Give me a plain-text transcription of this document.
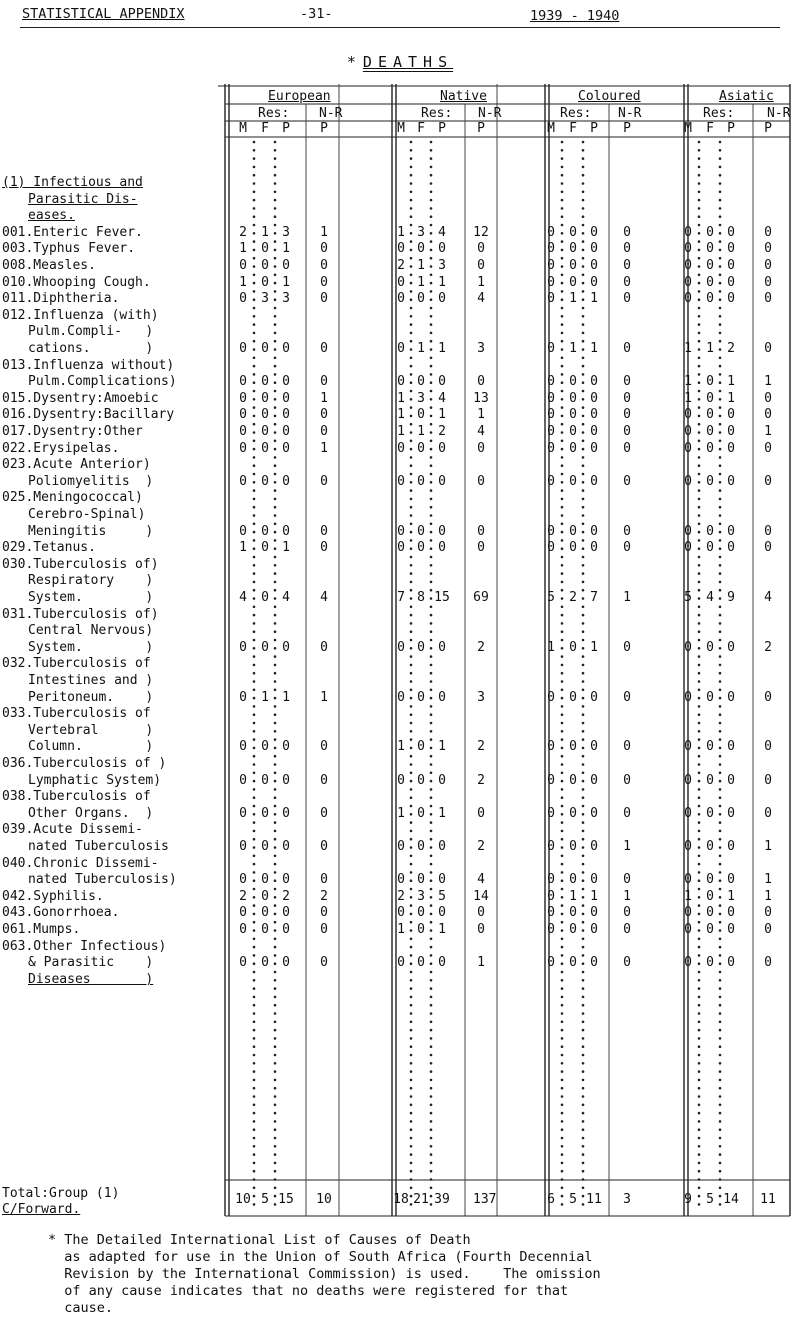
STATISTICAL APPENDIX	-31-	1939 - 1940
* DEATHS
European	Native	Coloured	Asiatic
Res: N-R	Res: N-R	Res: N-R	Res:	N-R
M	F	P	P	M F	P	P	M	F	P	P	M	F	P	P
(1) Infectious and
Parasitic Dis-
eases.
001.Enteric Fever.	2	1	3	1	1 3	4	12	0	0	0	0	0	0	0	0
003.Typhus Fever.	1	0	1	0	0 0	0	0	0	0	0	0	0	0	0	0
008.Measles.	0	0	0	0	2 1	3	0	0	0	0	0	0	0	0	0
010.Whooping Cough.	1	0	1	0	0 1	1	1	0	0	0	0	0	0	0	0
011.Diphtheria.	0	3	3	0	0 0	0	4	0	1	1	0	0	0	0	0
012.Influenza (with)
Pulm.Compli-   )
cations.       )	0	0	0	0	0 1	1	3	0	1	1	0	1	1	2	0
013.Influenza without)
Pulm.Complications)	0	0	0	0	0 0	0	0	0	0	0	0	1	0	1	1
015.Dysentry:Amoebic	0	0	0	1	1 3	4	13	0	0	0	0	1	0	1	0
016.Dysentry:Bacillary	0	0	0	0	1 0	1	1	0	0	0	0	0	0	0	0
017.Dysentry:Other	0	0	0	0	1 1	2	4	0	0	0	0	0	0	0	1
022.Erysipelas.	0	0	0	1	0 0	0	0	0	0	0	0	0	0	0	0
023.Acute Anterior)
Poliomyelitis  )	0	0	0	0	0 0	0	0	0	0	0	0	0	0	0	0
025.Meningococcal)
Cerebro-Spinal)
Meningitis     )	0	0	0	0	0 0	0	0	0	0	0	0	0	0	0	0
029.Tetanus.	1	0	1	0	0 0	0	0	0	0	0	0	0	0	0	0
030.Tuberculosis of)
Respiratory    )
System.        )	4	0	4	4	7 8 15 69	5	2	7	1	5	4	9	4
031.Tuberculosis of)
Central Nervous)
System.        )	0	0	0	0	0 0	0	2	1	0	1	0	0	0	0	2
032.Tuberculosis of
Intestines and )
Peritoneum.    )	0	1	1	1	0 0	0	3	0	0	0	0	0	0	0	0
033.Tuberculosis of
Vertebral      )
Column.        )	0	0	0	0	1 0	1	2	0	0	0	0	0	0	0	0
036.Tuberculosis of )
Lymphatic System)	0	0	0	0	0 0	0	2	0	0	0	0	0	0	0	0
038.Tuberculosis of
Other Organs.  )	0	0	0	0	1 0	1	0	0	0	0	0	0	0	0	0
039.Acute Dissemi-
nated Tuberculosis	0	0	0	0	0 0	0	2	0	0	0	1	0	0	0	1
040.Chronic Dissemi-
nated Tuberculosis)	0	0	0	0	0 0	0	4	0	0	0	0	0	0	0	1
042.Syphilis.	2	0	2	2	2 3	5	14	0	1	1	1	1	0	1	1
043.Gonorrhoea.	0	0	0	0	0 0	0	0	0	0	0	0	0	0	0	0
061.Mumps.	0	0	0	0	1 0	1	0	0	0	0	0	0	0	0	0
063.Other Infectious)
& Parasitic    )	0	0	0	0	0 0	0	1	0	0	0	0	0	0	0	0
Diseases       )
Total:Group (1)
C/Forward.
10 5 15 10	18 21 39 137	6	5 11	3	9	5 14 11
* The Detailed International List of Causes of Death
as adapted for use in the Union of South Africa (Fourth Decennial
Revision by the International Commission) is used.    The omission
of any cause indicates that no deaths were registered for that
cause.
